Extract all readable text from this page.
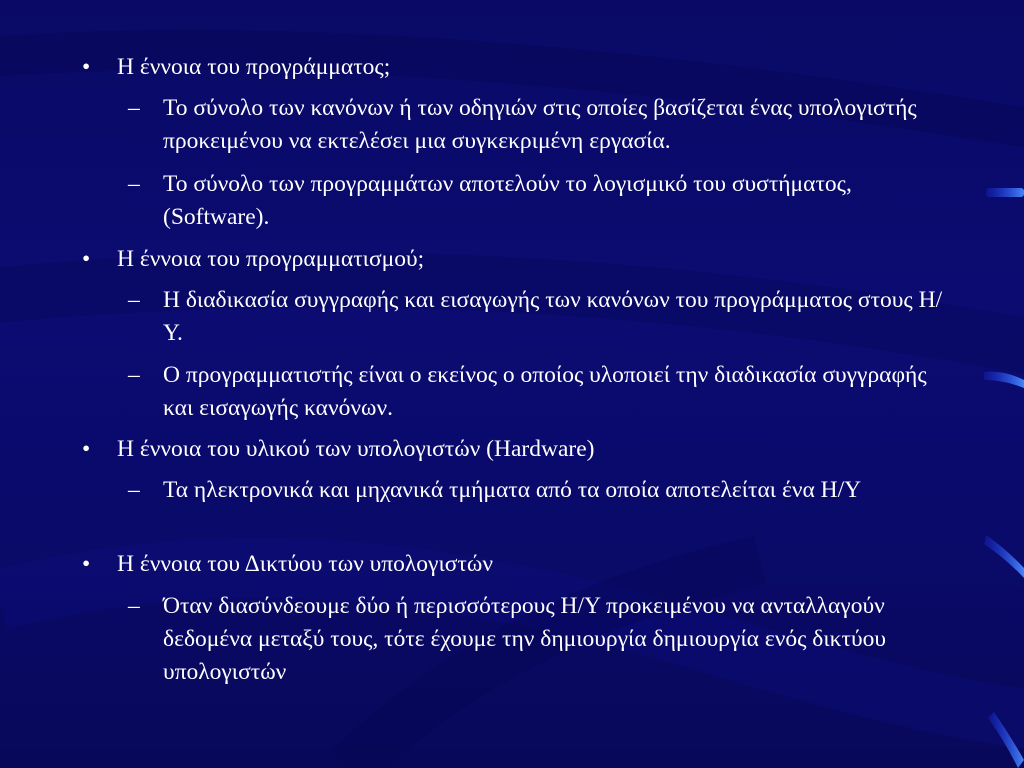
•	Η έννοια του προγράμματος;
– Το σύνολο των κανόνων ή των οδηγιών στις οποίες βασίζεται ένας υπολογιστής προκειμένου να εκτελέσει μια συγκεκριμένη εργασία.
– Το σύνολο των προγραμμάτων αποτελούν το λογισμικό του συστήματος,(Software).
•	Η έννοια του προγραμματισμού;
– Η διαδικασία συγγραφής και εισαγωγής των κανόνων του προγράμματος στους Η/Υ.
– Ο προγραμματιστής είναι ο εκείνος ο οποίος υλοποιεί την διαδικασία συγγραφής και εισαγωγής κανόνων.
•	Η έννοια του υλικού των υπολογιστών (Hardware)
– Τα ηλεκτρονικά και μηχανικά τμήματα από τα οποία αποτελείται ένα Η/Υ
•	Η έννοια του Δικτύου των υπολογιστών
– Όταν διασύνδεουμε δύο ή περισσότερους Η/Υ προκειμένου να ανταλλαγούν δεδομένα μεταξύ τους, τότε έχουμε την δημιουργία δημιουργία ενός δικτύου υπολογιστών
